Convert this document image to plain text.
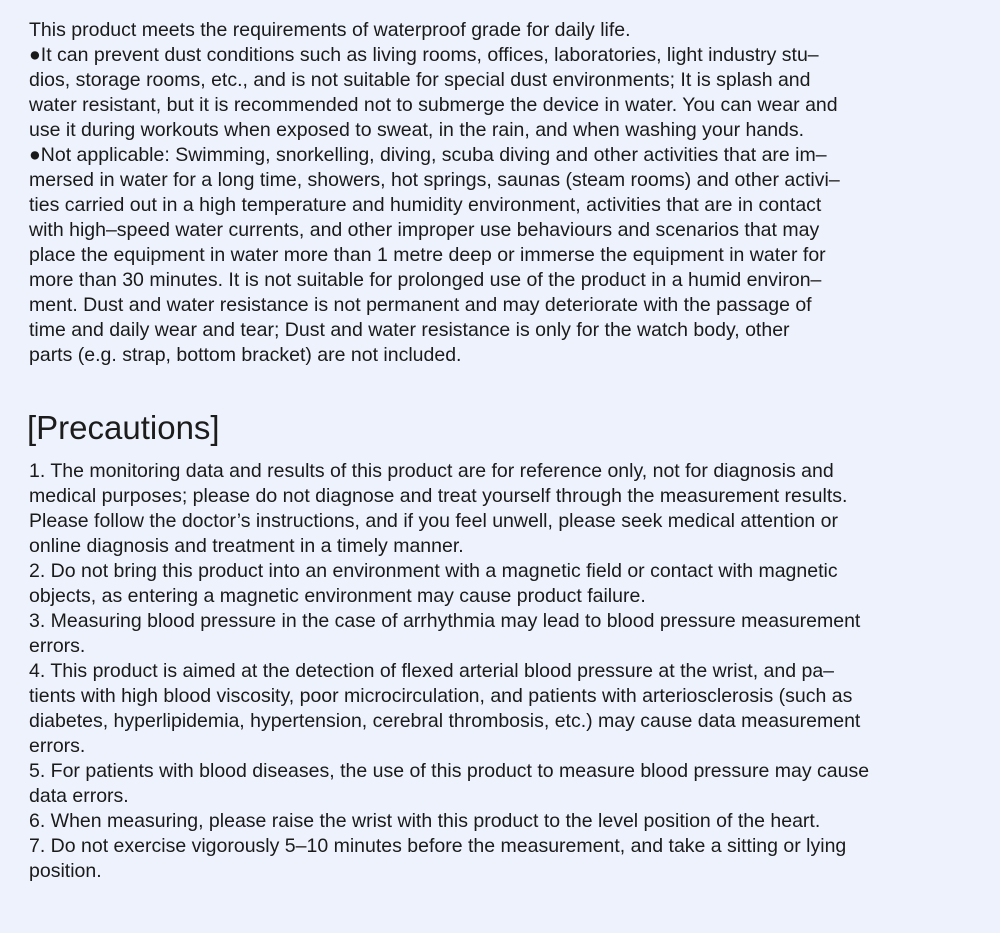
This product meets the requirements of waterproof grade for daily life.
●It can prevent dust conditions such as living rooms, offices, laboratories, light industry stu–
dios, storage rooms, etc., and is not suitable for special dust environments; It is splash and
water resistant, but it is recommended not to submerge the device in water. You can wear and
use it during workouts when exposed to sweat, in the rain, and when washing your hands.
●Not applicable: Swimming, snorkelling, diving, scuba diving and other activities that are im–
mersed in water for a long time, showers, hot springs, saunas (steam rooms) and other activi–
ties carried out in a high temperature and humidity environment, activities that are in contact
with high–speed water currents, and other improper use behaviours and scenarios that may
place the equipment in water more than 1 metre deep or immerse the equipment in water for
more than 30 minutes. It is not suitable for prolonged use of the product in a humid environ–
ment. Dust and water resistance is not permanent and may deteriorate with the passage of
time and daily wear and tear; Dust and water resistance is only for the watch body, other
parts (e.g. strap, bottom bracket) are not included.
[Precautions]
1. The monitoring data and results of this product are for reference only, not for diagnosis and
medical purposes; please do not diagnose and treat yourself through the measurement results.
Please follow the doctor’s instructions, and if you feel unwell, please seek medical attention or
online diagnosis and treatment in a timely manner.
2. Do not bring this product into an environment with a magnetic field or contact with magnetic
objects, as entering a magnetic environment may cause product failure.
3. Measuring blood pressure in the case of arrhythmia may lead to blood pressure measurement
errors.
4. This product is aimed at the detection of flexed arterial blood pressure at the wrist, and pa–
tients with high blood viscosity, poor microcirculation, and patients with arteriosclerosis (such as
diabetes, hyperlipidemia, hypertension, cerebral thrombosis, etc.) may cause data measurement
errors.
5. For patients with blood diseases, the use of this product to measure blood pressure may cause
data errors.
6. When measuring, please raise the wrist with this product to the level position of the heart.
7. Do not exercise vigorously 5–10 minutes before the measurement, and take a sitting or lying
position.
